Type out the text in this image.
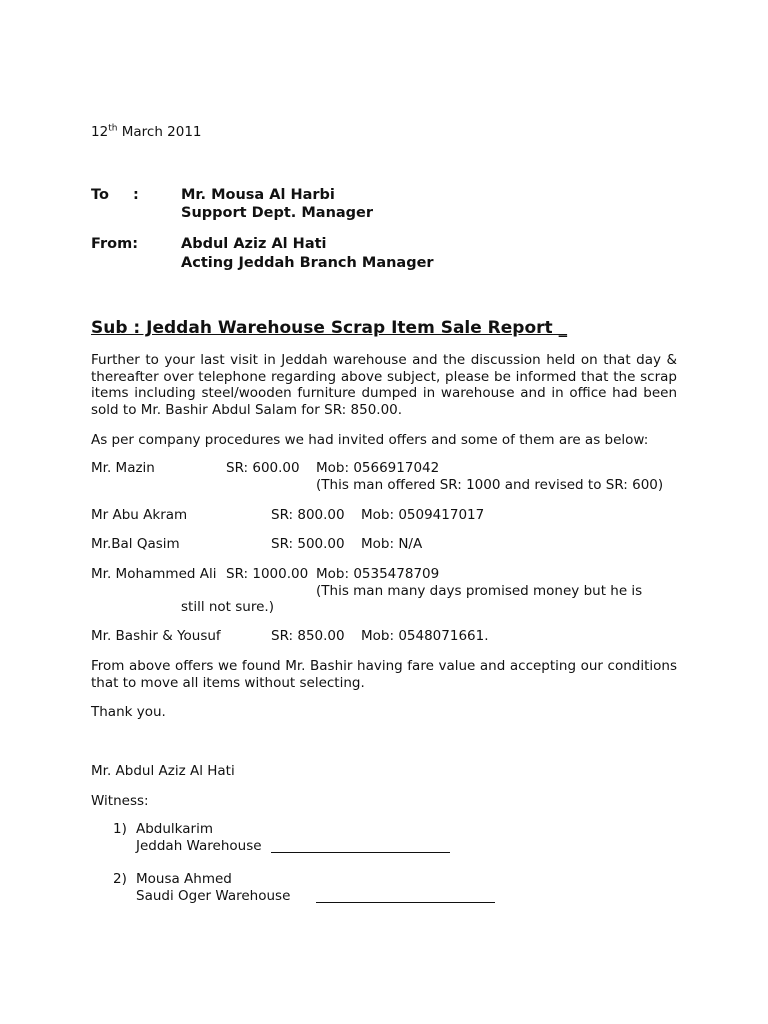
12th March 2011
To :	Mr. Mousa Al Harbi
Support Dept. Manager
From:	Abdul Aziz Al Hati
Acting Jeddah Branch Manager
Sub : Jeddah Warehouse Scrap Item Sale Report _
Further to your last visit in Jeddah warehouse and the discussion held on that day & thereafter over telephone regarding above subject, please be informed that the scrap items including steel/wooden furniture dumped in warehouse and in office had been sold to Mr. Bashir Abdul Salam for SR: 850.00.
As per company procedures we had invited offers and some of them are as below:
Mr. Mazin	SR: 600.00 Mob: 0566917042
(This man offered SR: 1000 and revised to SR: 600)
Mr Abu Akram	SR: 800.00 Mob: 0509417017
Mr.Bal Qasim	SR: 500.00 Mob: N/A
Mr. Mohammed Ali SR: 1000.00 Mob: 0535478709
(This man many days promised money but he is
still not sure.)
Mr. Bashir & Yousuf	SR: 850.00 Mob: 0548071661.
From above offers we found Mr. Bashir having fare value and accepting our conditions that to move all items without selecting.
Thank you.
Mr. Abdul Aziz Al Hati
Witness:
1) Abdulkarim
Jeddah Warehouse
2) Mousa Ahmed
Saudi Oger Warehouse
